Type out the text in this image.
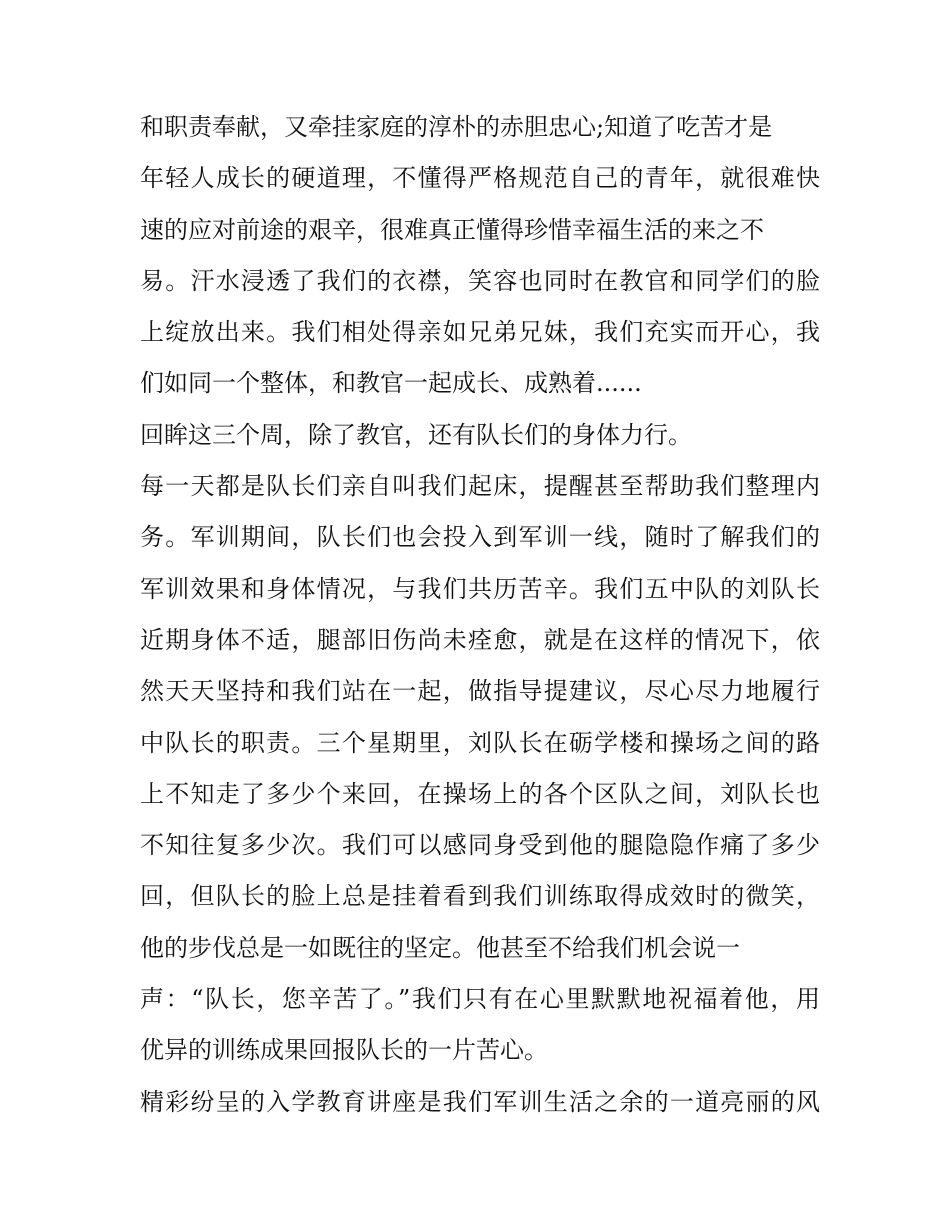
和职责奉献，又牵挂家庭的淳朴的赤胆忠心;知道了吃苦才是
年轻人成长的硬道理，不懂得严格规范自己的青年，就很难快
速的应对前途的艰辛，很难真正懂得珍惜幸福生活的来之不
易。汗水浸透了我们的衣襟，笑容也同时在教官和同学们的脸
上绽放出来。我们相处得亲如兄弟兄妹，我们充实而开心，我
们如同一个整体，和教官一起成长、成熟着......
回眸这三个周，除了教官，还有队长们的身体力行。
每一天都是队长们亲自叫我们起床，提醒甚至帮助我们整理内
务。军训期间，队长们也会投入到军训一线，随时了解我们的
军训效果和身体情况，与我们共历苦辛。我们五中队的刘队长
近期身体不适，腿部旧伤尚未痊愈，就是在这样的情况下，依
然天天坚持和我们站在一起，做指导提建议，尽心尽力地履行
中队长的职责。三个星期里，刘队长在砺学楼和操场之间的路
上不知走了多少个来回，在操场上的各个区队之间，刘队长也
不知往复多少次。我们可以感同身受到他的腿隐隐作痛了多少
回，但队长的脸上总是挂着看到我们训练取得成效时的微笑，
他的步伐总是一如既往的坚定。他甚至不给我们机会说一
声：“队长，您辛苦了。”我们只有在心里默默地祝福着他，用
优异的训练成果回报队长的一片苦心。
精彩纷呈的入学教育讲座是我们军训生活之余的一道亮丽的风
